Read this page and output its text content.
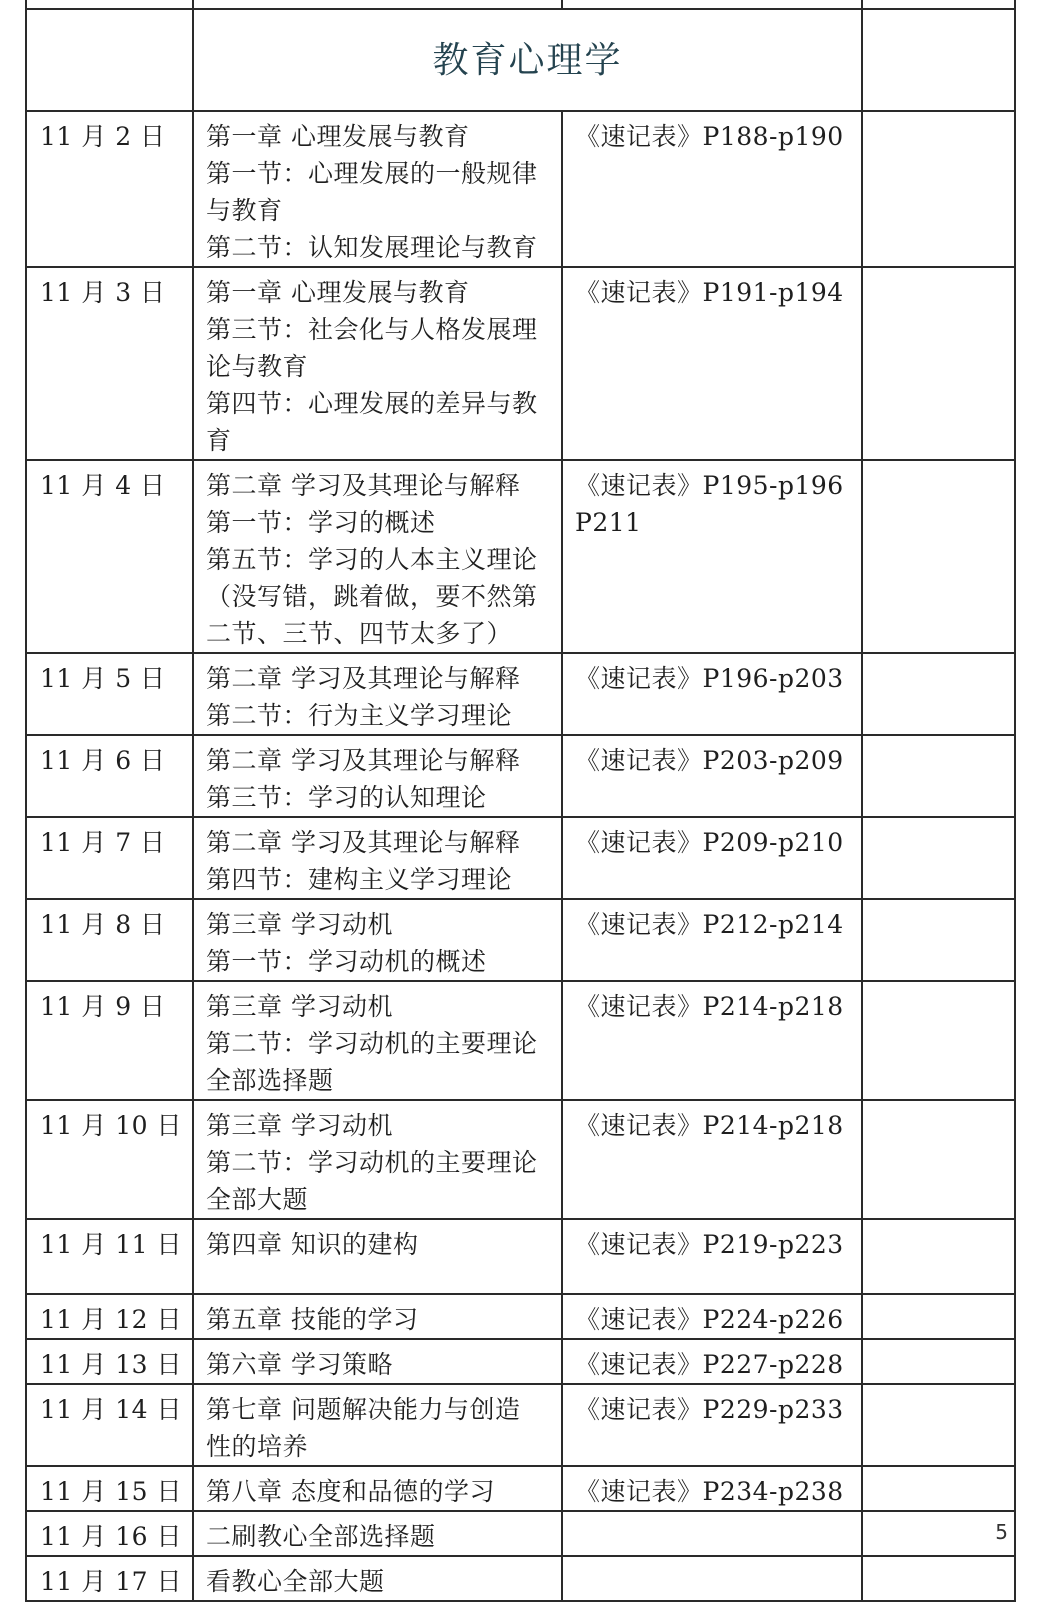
	教育心理学		
11 月 2 日	第一章 心理发展与教育
第一节：心理发展的一般规律
与教育
第二节：认知发展理论与教育	《速记表》P188-p190	

11 月 3 日	第一章 心理发展与教育
第三节：社会化与人格发展理
论与教育
第四节：心理发展的差异与教
育	《速记表》P191-p194	

11 月 4 日	第二章 学习及其理论与解释
第一节：学习的概述
第五节：学习的人本主义理论
（没写错，跳着做，要不然第
二节、三节、四节太多了）	《速记表》P195-p196
P211	

11 月 5 日	第二章 学习及其理论与解释
第二节：行为主义学习理论	《速记表》P196-p203	

11 月 6 日	第二章 学习及其理论与解释
第三节：学习的认知理论	《速记表》P203-p209	

11 月 7 日	第二章 学习及其理论与解释
第四节：建构主义学习理论	《速记表》P209-p210	

11 月 8 日	第三章 学习动机
第一节：学习动机的概述	《速记表》P212-p214	

11 月 9 日	第三章 学习动机
第二节：学习动机的主要理论
全部选择题	《速记表》P214-p218	

11 月 10 日	第三章 学习动机
第二节：学习动机的主要理论
全部大题	《速记表》P214-p218	

11 月 11 日	第四章 知识的建构	《速记表》P219-p223	

11 月 12 日	第五章 技能的学习	《速记表》P224-p226	

11 月 13 日	第六章 学习策略	《速记表》P227-p228	

11 月 14 日	第七章 问题解决能力与创造
性的培养	《速记表》P229-p233	

11 月 15 日	第八章 态度和品德的学习	《速记表》P234-p238	

11 月 16 日	二刷教心全部选择题		

11 月 17 日	看教心全部大题		

5
